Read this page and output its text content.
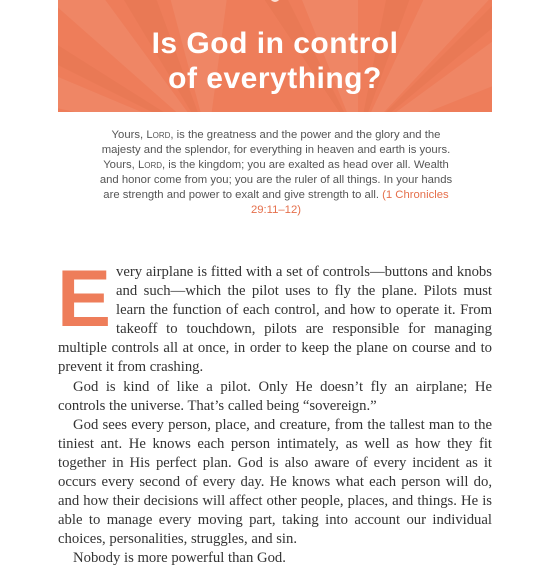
Is God in control
of everything?
Yours, Lord, is the greatness and the power and the glory and the majesty and the splendor, for everything in heaven and earth is yours. Yours, Lord, is the kingdom; you are exalted as head over all. Wealth and honor come from you; you are the ruler of all things. In your hands are strength and power to exalt and give strength to all. (1 Chronicles 29:11–12)

Every airplane is fitted with a set of controls—buttons and knobs and such—which the pilot uses to fly the plane. Pilots must learn the function of each control, and how to operate it. From takeoff to touchdown, pilots are responsible for managing multiple controls all at once, in order to keep the plane on course and to prevent it from crashing.

God is kind of like a pilot. Only He doesn’t fly an airplane; He controls the universe. That’s called being “sovereign.”

God sees every person, place, and creature, from the tallest man to the tiniest ant. He knows each person intimately, as well as how they fit together in His perfect plan. God is also aware of every incident as it occurs every second of every day. He knows what each person will do, and how their decisions will affect other people, places, and things. He is able to manage every moving part, taking into account our individual choices, personalities, struggles, and sin.

Nobody is more powerful than God.
